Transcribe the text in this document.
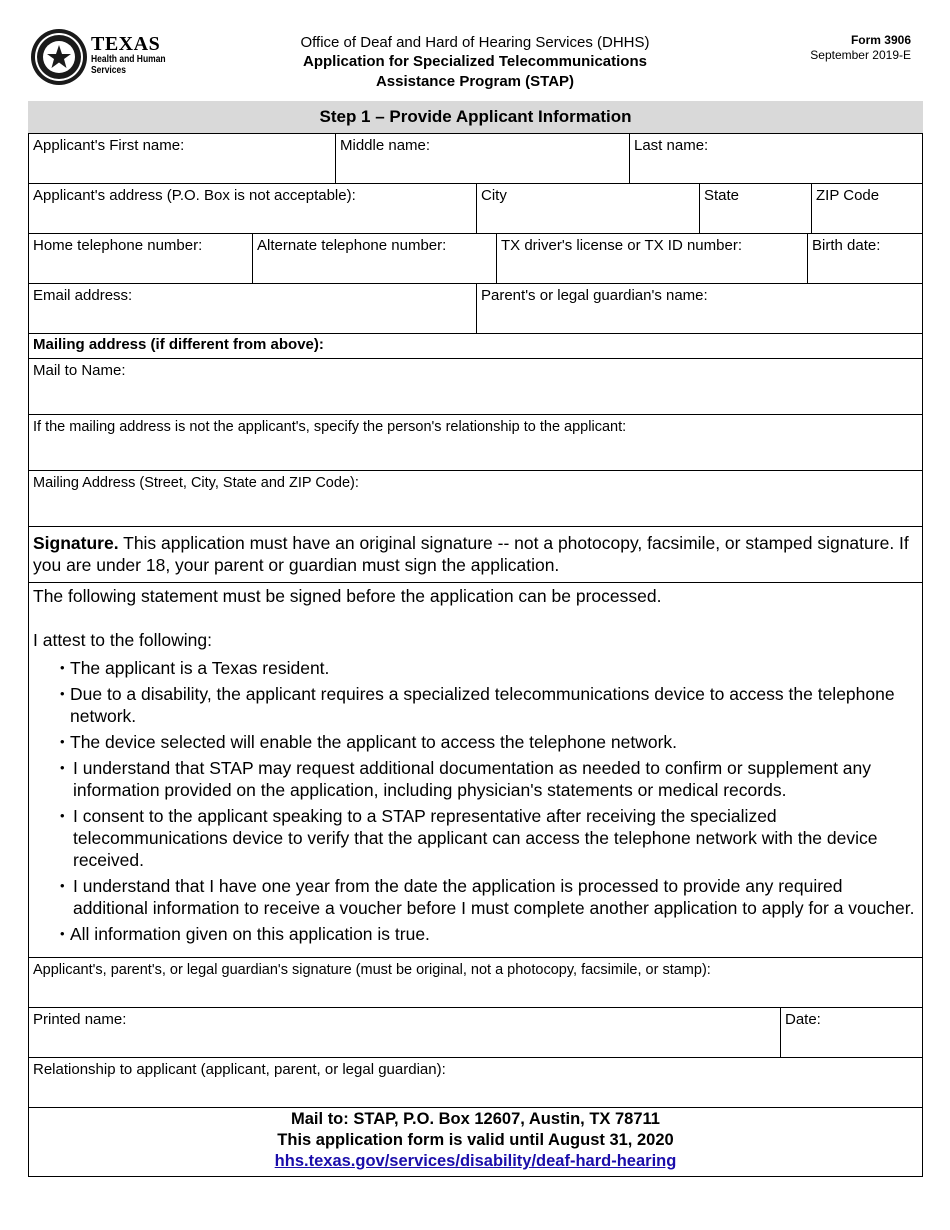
TEXAS
Health and Human
Services
Office of Deaf and Hard of Hearing Services (DHHS)
Application for Specialized Telecommunications
Assistance Program (STAP)
Form 3906
September 2019-E
Step 1 – Provide Applicant Information
Applicant's First name:	Middle name:	Last name:
Applicant's address (P.O. Box is not acceptable):	City	State	ZIP Code
Home telephone number:	Alternate telephone number:	TX driver's license or TX ID number:	Birth date:
Email address:	Parent's or legal guardian's name:
Mailing address (if different from above):
Mail to Name:
If the mailing address is not the applicant's, specify the person's relationship to the applicant:
Mailing Address (Street, City, State and ZIP Code):
Signature. This application must have an original signature -- not a photocopy, facsimile, or stamped signature. If you are under 18, your parent or guardian must sign the application.

The following statement must be signed before the application can be processed.

I attest to the following:

• The applicant is a Texas resident.
• Due to a disability, the applicant requires a specialized telecommunications device to access the telephone network.
• The device selected will enable the applicant to access the telephone network.
• I understand that STAP may request additional documentation as needed to confirm or supplement any information provided on the application, including physician's statements or medical records.
• I consent to the applicant speaking to a STAP representative after receiving the specialized telecommunications device to verify that the applicant can access the telephone network with the device received.
• I understand that I have one year from the date the application is processed to provide any required additional information to receive a voucher before I must complete another application to apply for a voucher.
• All information given on this application is true.
Applicant's, parent's, or legal guardian's signature (must be original, not a photocopy, facsimile, or stamp):
Printed name:	Date:
Relationship to applicant (applicant, parent, or legal guardian):
Mail to: STAP, P.O. Box 12607, Austin, TX 78711
This application form is valid until August 31, 2020
hhs.texas.gov/services/disability/deaf-hard-hearing
